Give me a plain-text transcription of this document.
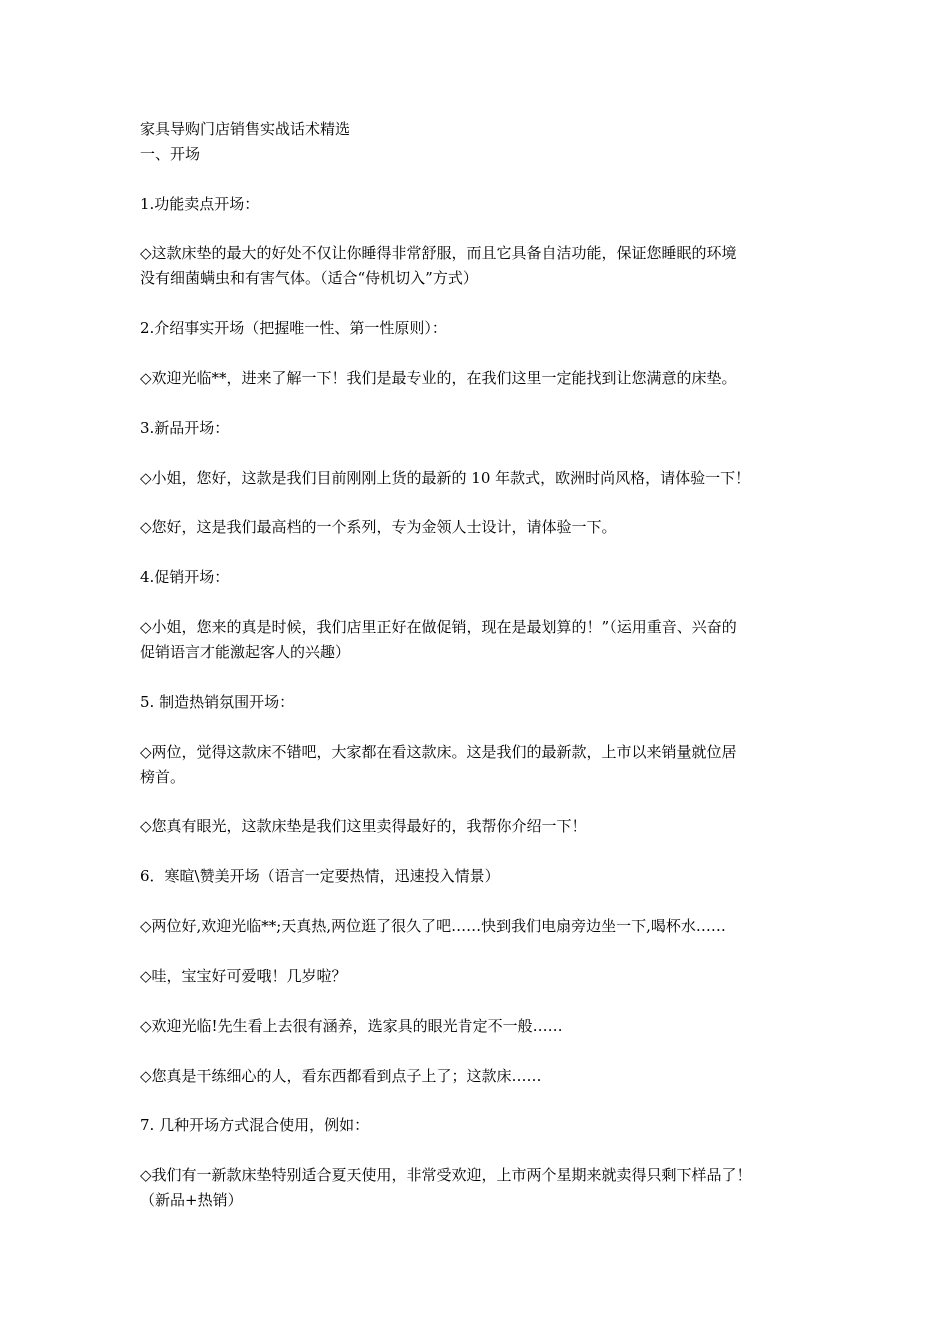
家具导购门店销售实战话术精选
一、开场
1.功能卖点开场：
◇这款床垫的最大的好处不仅让你睡得非常舒服，而且它具备自洁功能，保证您睡眠的环境
没有细菌螨虫和有害气体。（适合“侍机切入”方式）
2.介绍事实开场（把握唯一性、第一性原则）：
◇欢迎光临**，进来了解一下！我们是最专业的，在我们这里一定能找到让您满意的床垫。
3.新品开场：
◇小姐，您好，这款是我们目前刚刚上货的最新的 10 年款式，欧洲时尚风格，请体验一下！
◇您好，这是我们最高档的一个系列，专为金领人士设计，请体验一下。
4.促销开场：
◇小姐，您来的真是时候，我们店里正好在做促销，现在是最划算的！”（运用重音、兴奋的
促销语言才能激起客人的兴趣）
5. 制造热销氛围开场：
◇两位，觉得这款床不错吧，大家都在看这款床。这是我们的最新款，上市以来销量就位居
榜首。
◇您真有眼光，这款床垫是我们这里卖得最好的，我帮你介绍一下！
6．寒暄\赞美开场（语言一定要热情，迅速投入情景）
◇两位好,欢迎光临**;天真热,两位逛了很久了吧……快到我们电扇旁边坐一下,喝杯水……
◇哇，宝宝好可爱哦！几岁啦？
◇欢迎光临!先生看上去很有涵养，选家具的眼光肯定不一般……
◇您真是干练细心的人，看东西都看到点子上了；这款床……
7. 几种开场方式混合使用，例如：
◇我们有一新款床垫特别适合夏天使用，非常受欢迎，上市两个星期来就卖得只剩下样品了！
（新品+热销）
